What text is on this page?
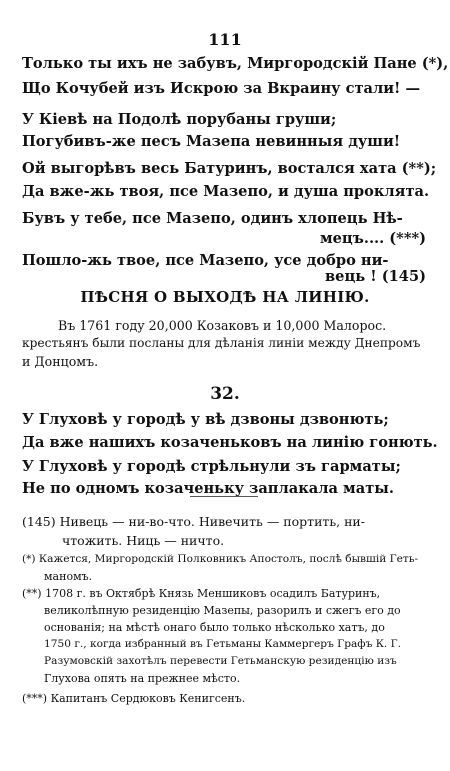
111
Только ты ихъ не забувъ, Миргородскій Пане (*),
Що Кочубей изъ Искрою за Вкраину стали! —
У Кіевѣ на Подолѣ порубаны груши;
Погубивъ-же песъ Мазепа невинныя души!
Ой выгорѣвъ весь Батуринъ, востался хата (**);
Да вже-жь твоя, псе Мазепо, и душа проклята.
Бувъ у тебе, псе Мазепо, одинъ хлопець Нѣ-
мецъ.... (***)
Пошло-жь твое, псе Мазепо, усе добро ни-
вець ! (145)
ПѢСНЯ О ВЫХОДѢ НА ЛИНІЮ.
Въ 1761 году 20,000 Козаковъ и 10,000 Малорос.
крестьянъ были посланы для дѣланія линіи между Днепромъ
и Донцомъ.
32.
У Глуховѣ у городѣ у вѣ дзвоны дзвонють;
Да вже нашихъ козаченьковъ на линію гонють.
У Глуховѣ у городѣ стрѣльнули зъ гарматы;
Не по одномъ козаченьку заплакала маты.
(145) Нивець — ни-во-что. Нивечить — портить, ни-
чтожить. Ниць — ничто.
(*) Кажется, Миргородскій Полковникъ Апостолъ, послѣ бывшій Геть-
маномъ.
(**) 1708 г. въ Октябрѣ Князь Меншиковъ осадилъ Батуринъ,
великолѣпную резиденцію Мазепы, разорилъ и сжегъ его до
основанія; на мѣстѣ онаго было только нѣсколько хатъ, до
1750 г., когда избранный въ Гетьманы Каммергеръ Графъ К. Г.
Разумовскій захотѣлъ перевести Гетьманскую резиденцію изъ
Глухова опять на прежнее мѣсто.
(***) Капитанъ Сердюковъ Кенигсенъ.
